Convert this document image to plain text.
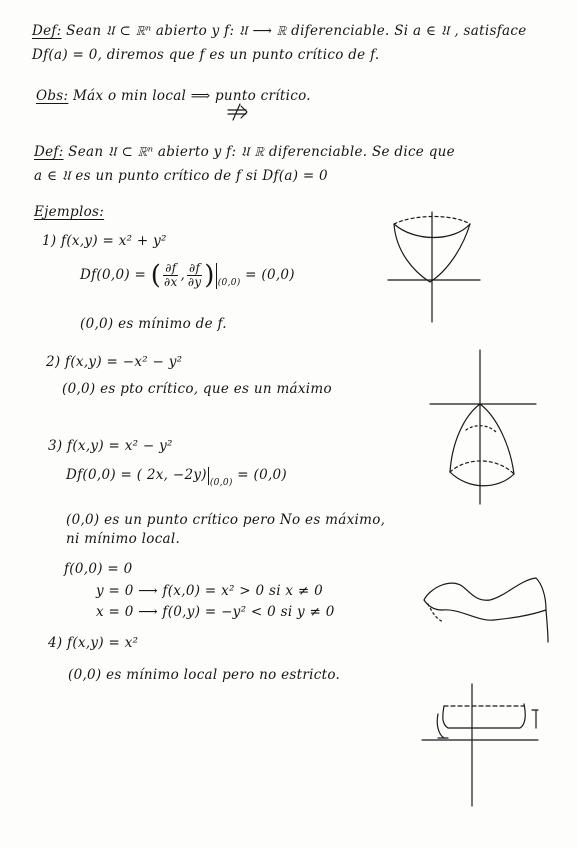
Def: Sean 𝔘 ⊂ ℝⁿ abierto y f: 𝔘 ⟶ ℝ diferenciable. Si a ∈ 𝔘 , satisface
Df(a) = 0, diremos que f es un punto crítico de f.
Obs: Máx o min local ⟹ punto crítico.
Def: Sean 𝔘 ⊂ ℝⁿ abierto y f: 𝔘 ℝ diferenciable. Se dice que
a ∈ 𝔘 es un punto crítico de f si Df(a) = 0
Ejemplos:
1) f(x,y) = x² + y²
Df(0,0) = ( $\frac{\partial f}{\partial x}$ , $\frac{\partial f}{\partial y}$ ) $_{(0,0)}$ = (0,0)
(0,0) es mínimo de f.
2) f(x,y) = −x² − y²
(0,0) es pto crítico, que es un máximo
3) f(x,y) = x² − y²
Df(0,0) = ( 2x, −2y) $_{(0,0)}$ = (0,0)
(0,0) es un punto crítico pero No es máximo,
ni mínimo local.
f(0,0) = 0
y = 0 ⟶ f(x,0) = x² > 0 si x ≠ 0
x = 0 ⟶ f(0,y) = −y² < 0 si y ≠ 0
4) f(x,y) = x²
(0,0) es mínimo local pero no estricto.
